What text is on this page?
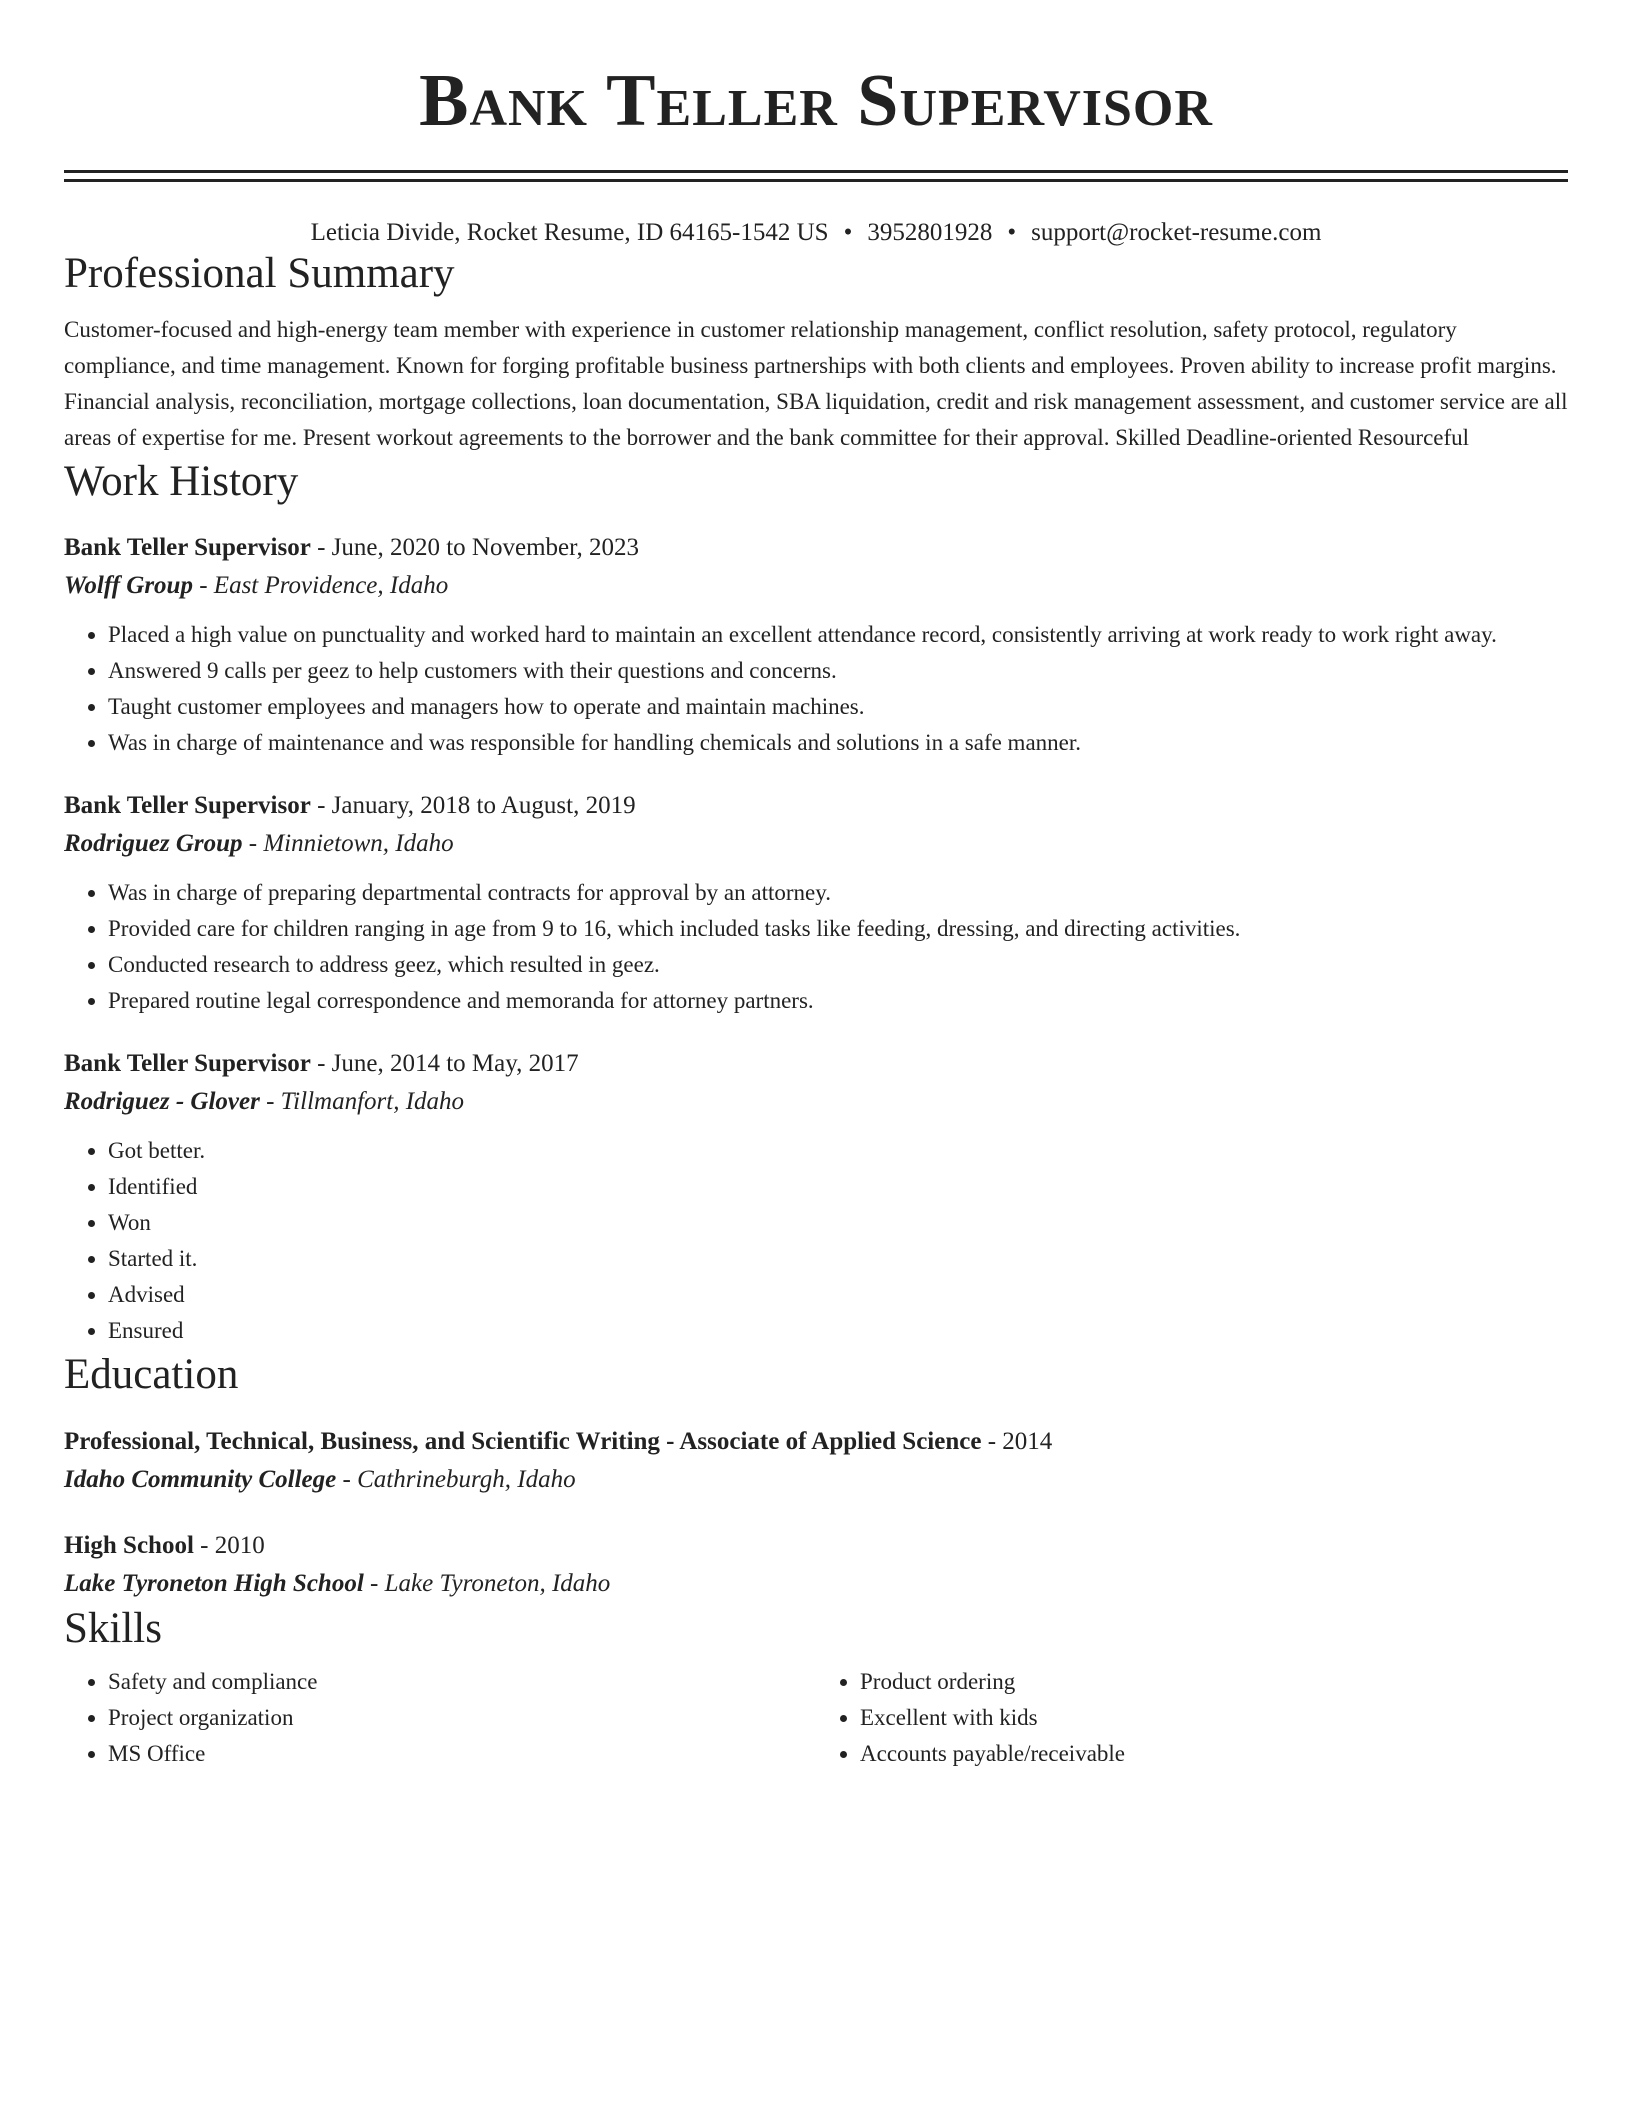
Bank Teller Supervisor
Leticia Divide, Rocket Resume, ID 64165-1542 US • 3952801928 • support@rocket-resume.com
Professional Summary

Customer-focused and high-energy team member with experience in customer relationship management, conflict resolution, safety protocol, regulatory compliance, and time management. Known for forging profitable business partnerships with both clients and employees. Proven ability to increase profit margins. Financial analysis, reconciliation, mortgage collections, loan documentation, SBA liquidation, credit and risk management assessment, and customer service are all areas of expertise for me. Present workout agreements to the borrower and the bank committee for their approval. Skilled Deadline-oriented Resourceful

Work History
Bank Teller Supervisor - June, 2020 to November, 2023
Wolff Group - East Providence, Idaho
• Placed a high value on punctuality and worked hard to maintain an excellent attendance record, consistently arriving at work ready to work right away.
• Answered 9 calls per geez to help customers with their questions and concerns.
• Taught customer employees and managers how to operate and maintain machines.
• Was in charge of maintenance and was responsible for handling chemicals and solutions in a safe manner.
Bank Teller Supervisor - January, 2018 to August, 2019
Rodriguez Group - Minnietown, Idaho
• Was in charge of preparing departmental contracts for approval by an attorney.
• Provided care for children ranging in age from 9 to 16, which included tasks like feeding, dressing, and directing activities.
• Conducted research to address geez, which resulted in geez.
• Prepared routine legal correspondence and memoranda for attorney partners.
Bank Teller Supervisor - June, 2014 to May, 2017
Rodriguez - Glover - Tillmanfort, Idaho
• Got better.
• Identified
• Won
• Started it.
• Advised
• Ensured
Education
Professional, Technical, Business, and Scientific Writing - Associate of Applied Science - 2014
Idaho Community College - Cathrineburgh, Idaho
High School - 2010
Lake Tyroneton High School - Lake Tyroneton, Idaho
Skills
• Safety and compliance
• Project organization
• MS Office
• Product ordering
• Excellent with kids
• Accounts payable/receivable
